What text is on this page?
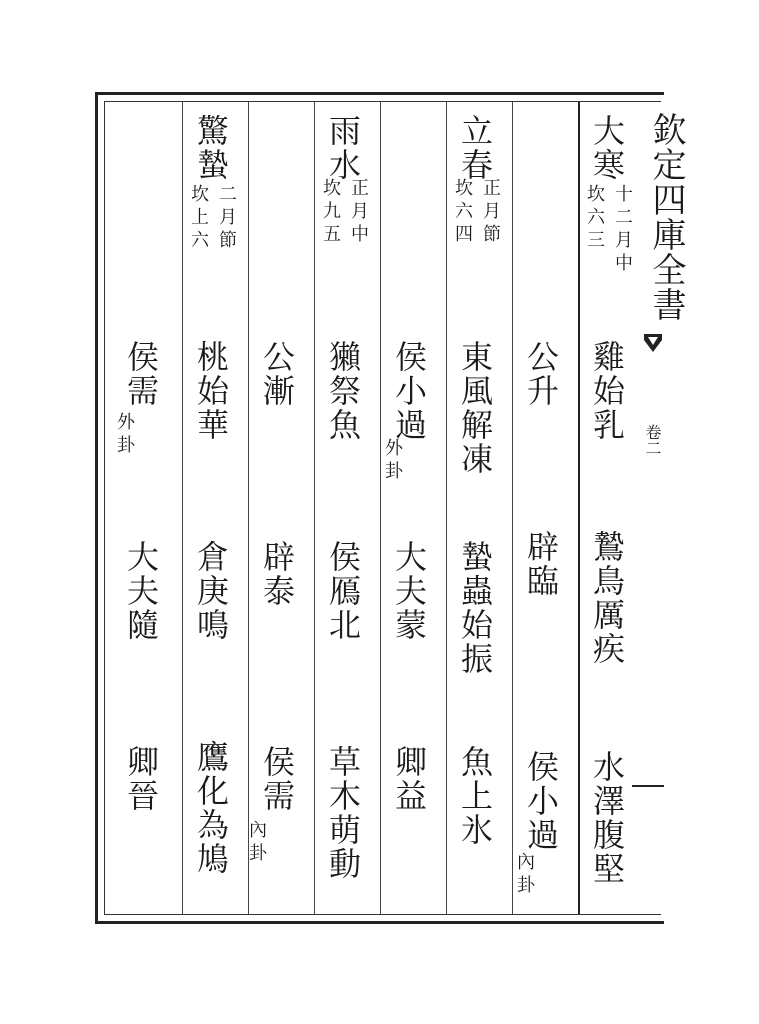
欽定四庫全書
卷二
大寒
十二月中
坎六三
雞始乳
鷙鳥厲疾
水澤腹堅
公升
辟臨
侯小過
內卦
立春
正月節
坎六四
東風解凍
蟄蟲始振
魚上氷
侯小過
外卦
大夫蒙
卿益
雨水
正月中
坎九五
獺祭魚
侯鴈北
草木萌動
公漸
辟泰
侯需
內卦
驚蟄
二月節
坎上六
桃始華
倉庚鳴
鷹化為鳩
侯需
外卦
大夫隨
卿晉
